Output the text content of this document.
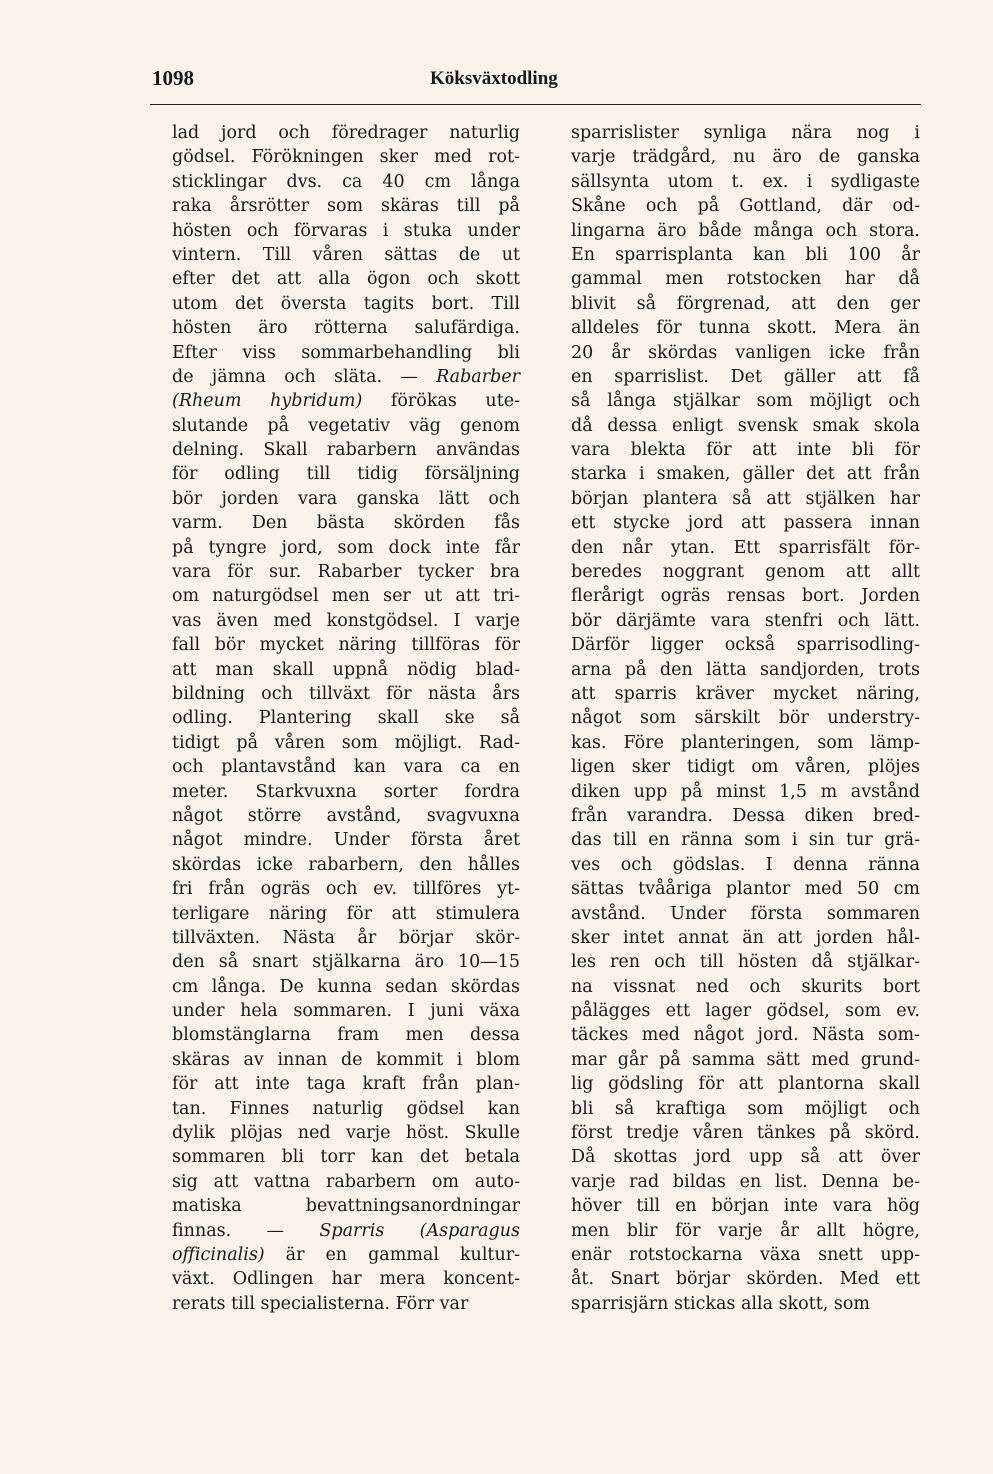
1098	Köksväxtodling
lad jord och föredrager naturlig
gödsel. Förökningen sker med rot-
sticklingar dvs. ca 40 cm långa
raka årsrötter som skäras till på
hösten och förvaras i stuka under
vintern. Till våren sättas de ut
efter det att alla ögon och skott
utom det översta tagits bort. Till
hösten äro rötterna salufärdiga.
Efter viss sommarbehandling bli
de jämna och släta. — Rabarber
(Rheum hybridum) förökas ute-
slutande på vegetativ väg genom
delning. Skall rabarbern användas
för odling till tidig försäljning
bör jorden vara ganska lätt och
varm. Den bästa skörden fås
på tyngre jord, som dock inte får
vara för sur. Rabarber tycker bra
om naturgödsel men ser ut att tri-
vas även med konstgödsel. I varje
fall bör mycket näring tillföras för
att man skall uppnå nödig blad-
bildning och tillväxt för nästa års
odling. Plantering skall ske så
tidigt på våren som möjligt. Rad-
och plantavstånd kan vara ca en
meter. Starkvuxna sorter fordra
något större avstånd, svagvuxna
något mindre. Under första året
skördas icke rabarbern, den hålles
fri från ogräs och ev. tillföres yt-
terligare näring för att stimulera
tillväxten. Nästa år börjar skör-
den så snart stjälkarna äro 10—15
cm långa. De kunna sedan skördas
under hela sommaren. I juni växa
blomstänglarna fram men dessa
skäras av innan de kommit i blom
för att inte taga kraft från plan-
tan. Finnes naturlig gödsel kan
dylik plöjas ned varje höst. Skulle
sommaren bli torr kan det betala
sig att vattna rabarbern om auto-
matiska bevattningsanordningar
finnas. — Sparris (Asparagus
officinalis) är en gammal kultur-
växt. Odlingen har mera koncent-
rerats till specialisterna. Förr var
sparrislister synliga nära nog i
varje trädgård, nu äro de ganska
sällsynta utom t. ex. i sydligaste
Skåne och på Gottland, där od-
lingarna äro både många och stora.
En sparrisplanta kan bli 100 år
gammal men rotstocken har då
blivit så förgrenad, att den ger
alldeles för tunna skott. Mera än
20 år skördas vanligen icke från
en sparrislist. Det gäller att få
så långa stjälkar som möjligt och
då dessa enligt svensk smak skola
vara blekta för att inte bli för
starka i smaken, gäller det att från
början plantera så att stjälken har
ett stycke jord att passera innan
den når ytan. Ett sparrisfält för-
beredes noggrant genom att allt
flerårigt ogräs rensas bort. Jorden
bör därjämte vara stenfri och lätt.
Därför ligger också sparrisodling-
arna på den lätta sandjorden, trots
att sparris kräver mycket näring,
något som särskilt bör understry-
kas. Före planteringen, som lämp-
ligen sker tidigt om våren, plöjes
diken upp på minst 1,5 m avstånd
från varandra. Dessa diken bred-
das till en ränna som i sin tur grä-
ves och gödslas. I denna ränna
sättas tvååriga plantor med 50 cm
avstånd. Under första sommaren
sker intet annat än att jorden hål-
les ren och till hösten då stjälkar-
na vissnat ned och skurits bort
pålägges ett lager gödsel, som ev.
täckes med något jord. Nästa som-
mar går på samma sätt med grund-
lig gödsling för att plantorna skall
bli så kraftiga som möjligt och
först tredje våren tänkes på skörd.
Då skottas jord upp så att över
varje rad bildas en list. Denna be-
höver till en början inte vara hög
men blir för varje år allt högre,
enär rotstockarna växa snett upp-
åt. Snart börjar skörden. Med ett
sparrisjärn stickas alla skott, som
